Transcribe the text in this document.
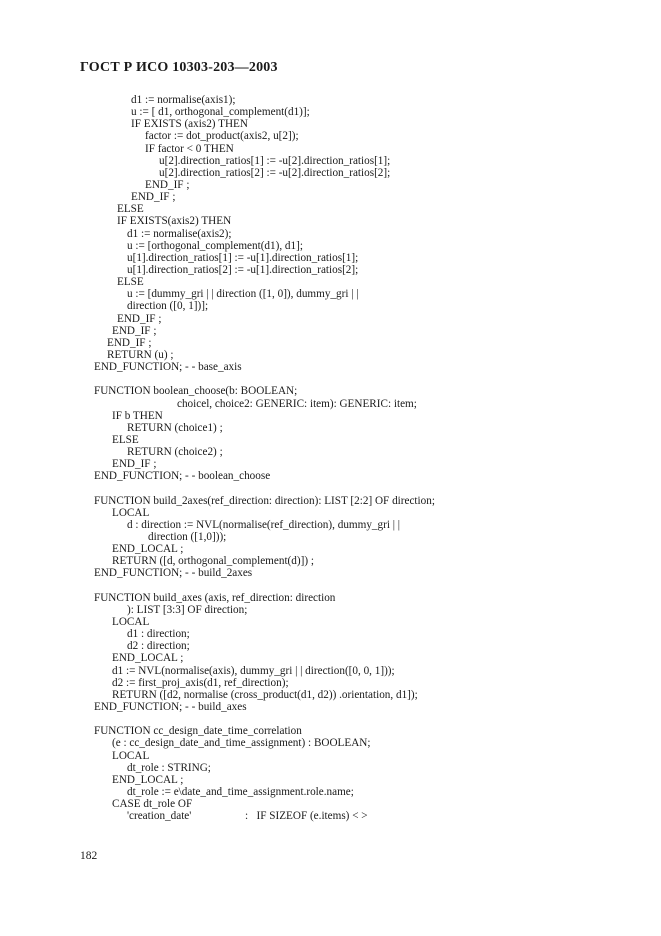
ГОСТ Р ИСО 10303-203—2003
d1 := normalise(axis1);
u := [ d1, orthogonal_complement(d1)];
IF EXISTS (axis2) THEN
factor := dot_product(axis2, u[2]);
IF factor < 0 THEN
u[2].direction_ratios[1] := -u[2].direction_ratios[1];
u[2].direction_ratios[2] := -u[2].direction_ratios[2];
END_IF ;
END_IF ;
ELSE
IF EXISTS(axis2) THEN
d1 := normalise(axis2);
u := [orthogonal_complement(d1), d1];
u[1].direction_ratios[1] := -u[1].direction_ratios[1];
u[1].direction_ratios[2] := -u[1].direction_ratios[2];
ELSE
u := [dummy_gri | | direction ([1, 0]), dummy_gri | |
direction ([0, 1])];
END_IF ;
END_IF ;
END_IF ;
RETURN (u) ;
END_FUNCTION; - - base_axis
FUNCTION boolean_choose(b: BOOLEAN;
choicel, choice2: GENERIC: item): GENERIC: item;
IF b THEN
RETURN (choice1) ;
ELSE
RETURN (choice2) ;
END_IF ;
END_FUNCTION; - - boolean_choose
FUNCTION build_2axes(ref_direction: direction): LIST [2:2] OF direction;
LOCAL
d : direction := NVL(normalise(ref_direction), dummy_gri | |
direction ([1,0]));
END_LOCAL ;
RETURN ([d, orthogonal_complement(d)]) ;
END_FUNCTION; - - build_2axes
FUNCTION build_axes (axis, ref_direction: direction
): LIST [3:3] OF direction;
LOCAL
d1 : direction;
d2 : direction;
END_LOCAL ;
d1 := NVL(normalise(axis), dummy_gri | | direction([0, 0, 1]));
d2 := first_proj_axis(d1, ref_direction);
RETURN ([d2, normalise (cross_product(d1, d2)) .orientation, d1]);
END_FUNCTION; - - build_axes
FUNCTION cc_design_date_time_correlation
(e : cc_design_date_and_time_assignment) : BOOLEAN;
LOCAL
dt_role : STRING;
END_LOCAL ;
dt_role := e\date_and_time_assignment.role.name;
CASE dt_role OF
'creation_date'	:   IF SIZEOF (e.items) < >
182
